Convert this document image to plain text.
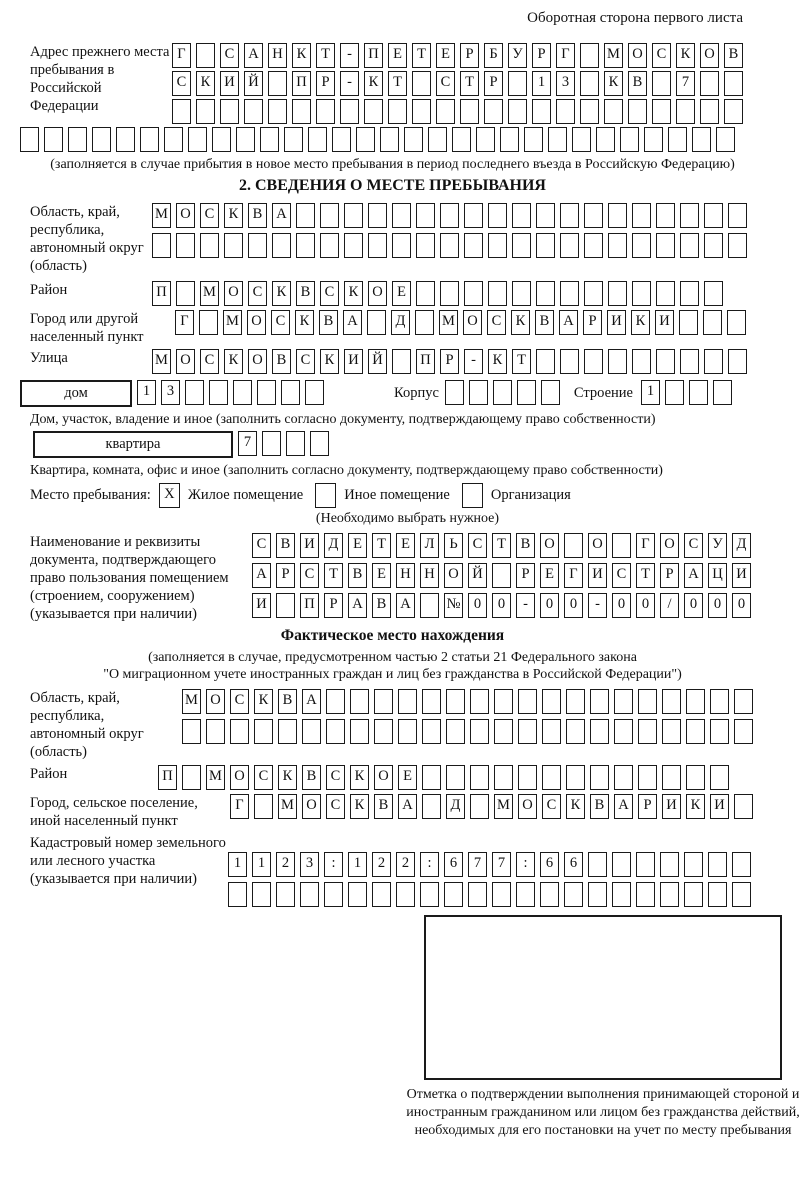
Оборотная сторона первого листа
Адрес прежнего места пребывания в Российской Федерации
Г	С А Н К	Т	-	П Е	Т	Е	Р	Б	У	Р	Г	М О С К О В
С К И Й	П	Р	-	К	Т	С	Т	Р	1	3	К В	7
(заполняется в случае прибытия в новое место пребывания в период последнего въезда в Российскую Федерацию)
2. СВЕДЕНИЯ О МЕСТЕ ПРЕБЫВАНИЯ
Область, край, республика, автономный округ (область)
М О С К В А
Район	П	М О С К В С К О Е
Город или другой населенный пункт
Г	М О С К В А	Д	М О С К В А	Р	И К И
Улица	М О С К О В С К И Й	П	Р	-	К	Т
дом	1	3	Корпус	Строение 1
Дом, участок, владение и иное (заполнить согласно документу, подтверждающему право собственности)
квартира	7
Квартира, комната, офис и иное (заполнить согласно документу, подтверждающему право собственности)
Место пребывания: X Жилое помещение	Иное помещение	Организация
(Необходимо выбрать нужное)
Наименование и реквизиты документа, подтверждающего право пользования помещением (строением, сооружением) (указывается при наличии)
С В И Д	Е	Т	Е	Л	Ь	С	Т	В О	О	Г	О С У Д
А	Р	С	Т	В	Е Н Н О Й	Р	Е	Г	И С	Т	Р	А Ц И
И	П	Р	А В А № 0	0	-	0	0	-	0	0	/	0	0	0
Фактическое место нахождения
(заполняется в случае, предусмотренном частью 2 статьи 21 Федерального закона
"О миграционном учете иностранных граждан и лиц без гражданства в Российской Федерации")
Область, край, республика, автономный округ (область)
М О С К В А
Район	П	М О С К В С К О Е
Город, сельское поселение, иной населенный пункт
Г	М О С К В А	Д	М О С К В А	Р	И К И
Кадастровый номер земельного или лесного участка (указывается при наличии)
1	1	2	3	:	1	2	2	:	6	7	7	:	6	6
Отметка о подтверждении выполнения принимающей стороной и иностранным гражданином или лицом без гражданства действий, необходимых для его постановки на учет по месту пребывания
